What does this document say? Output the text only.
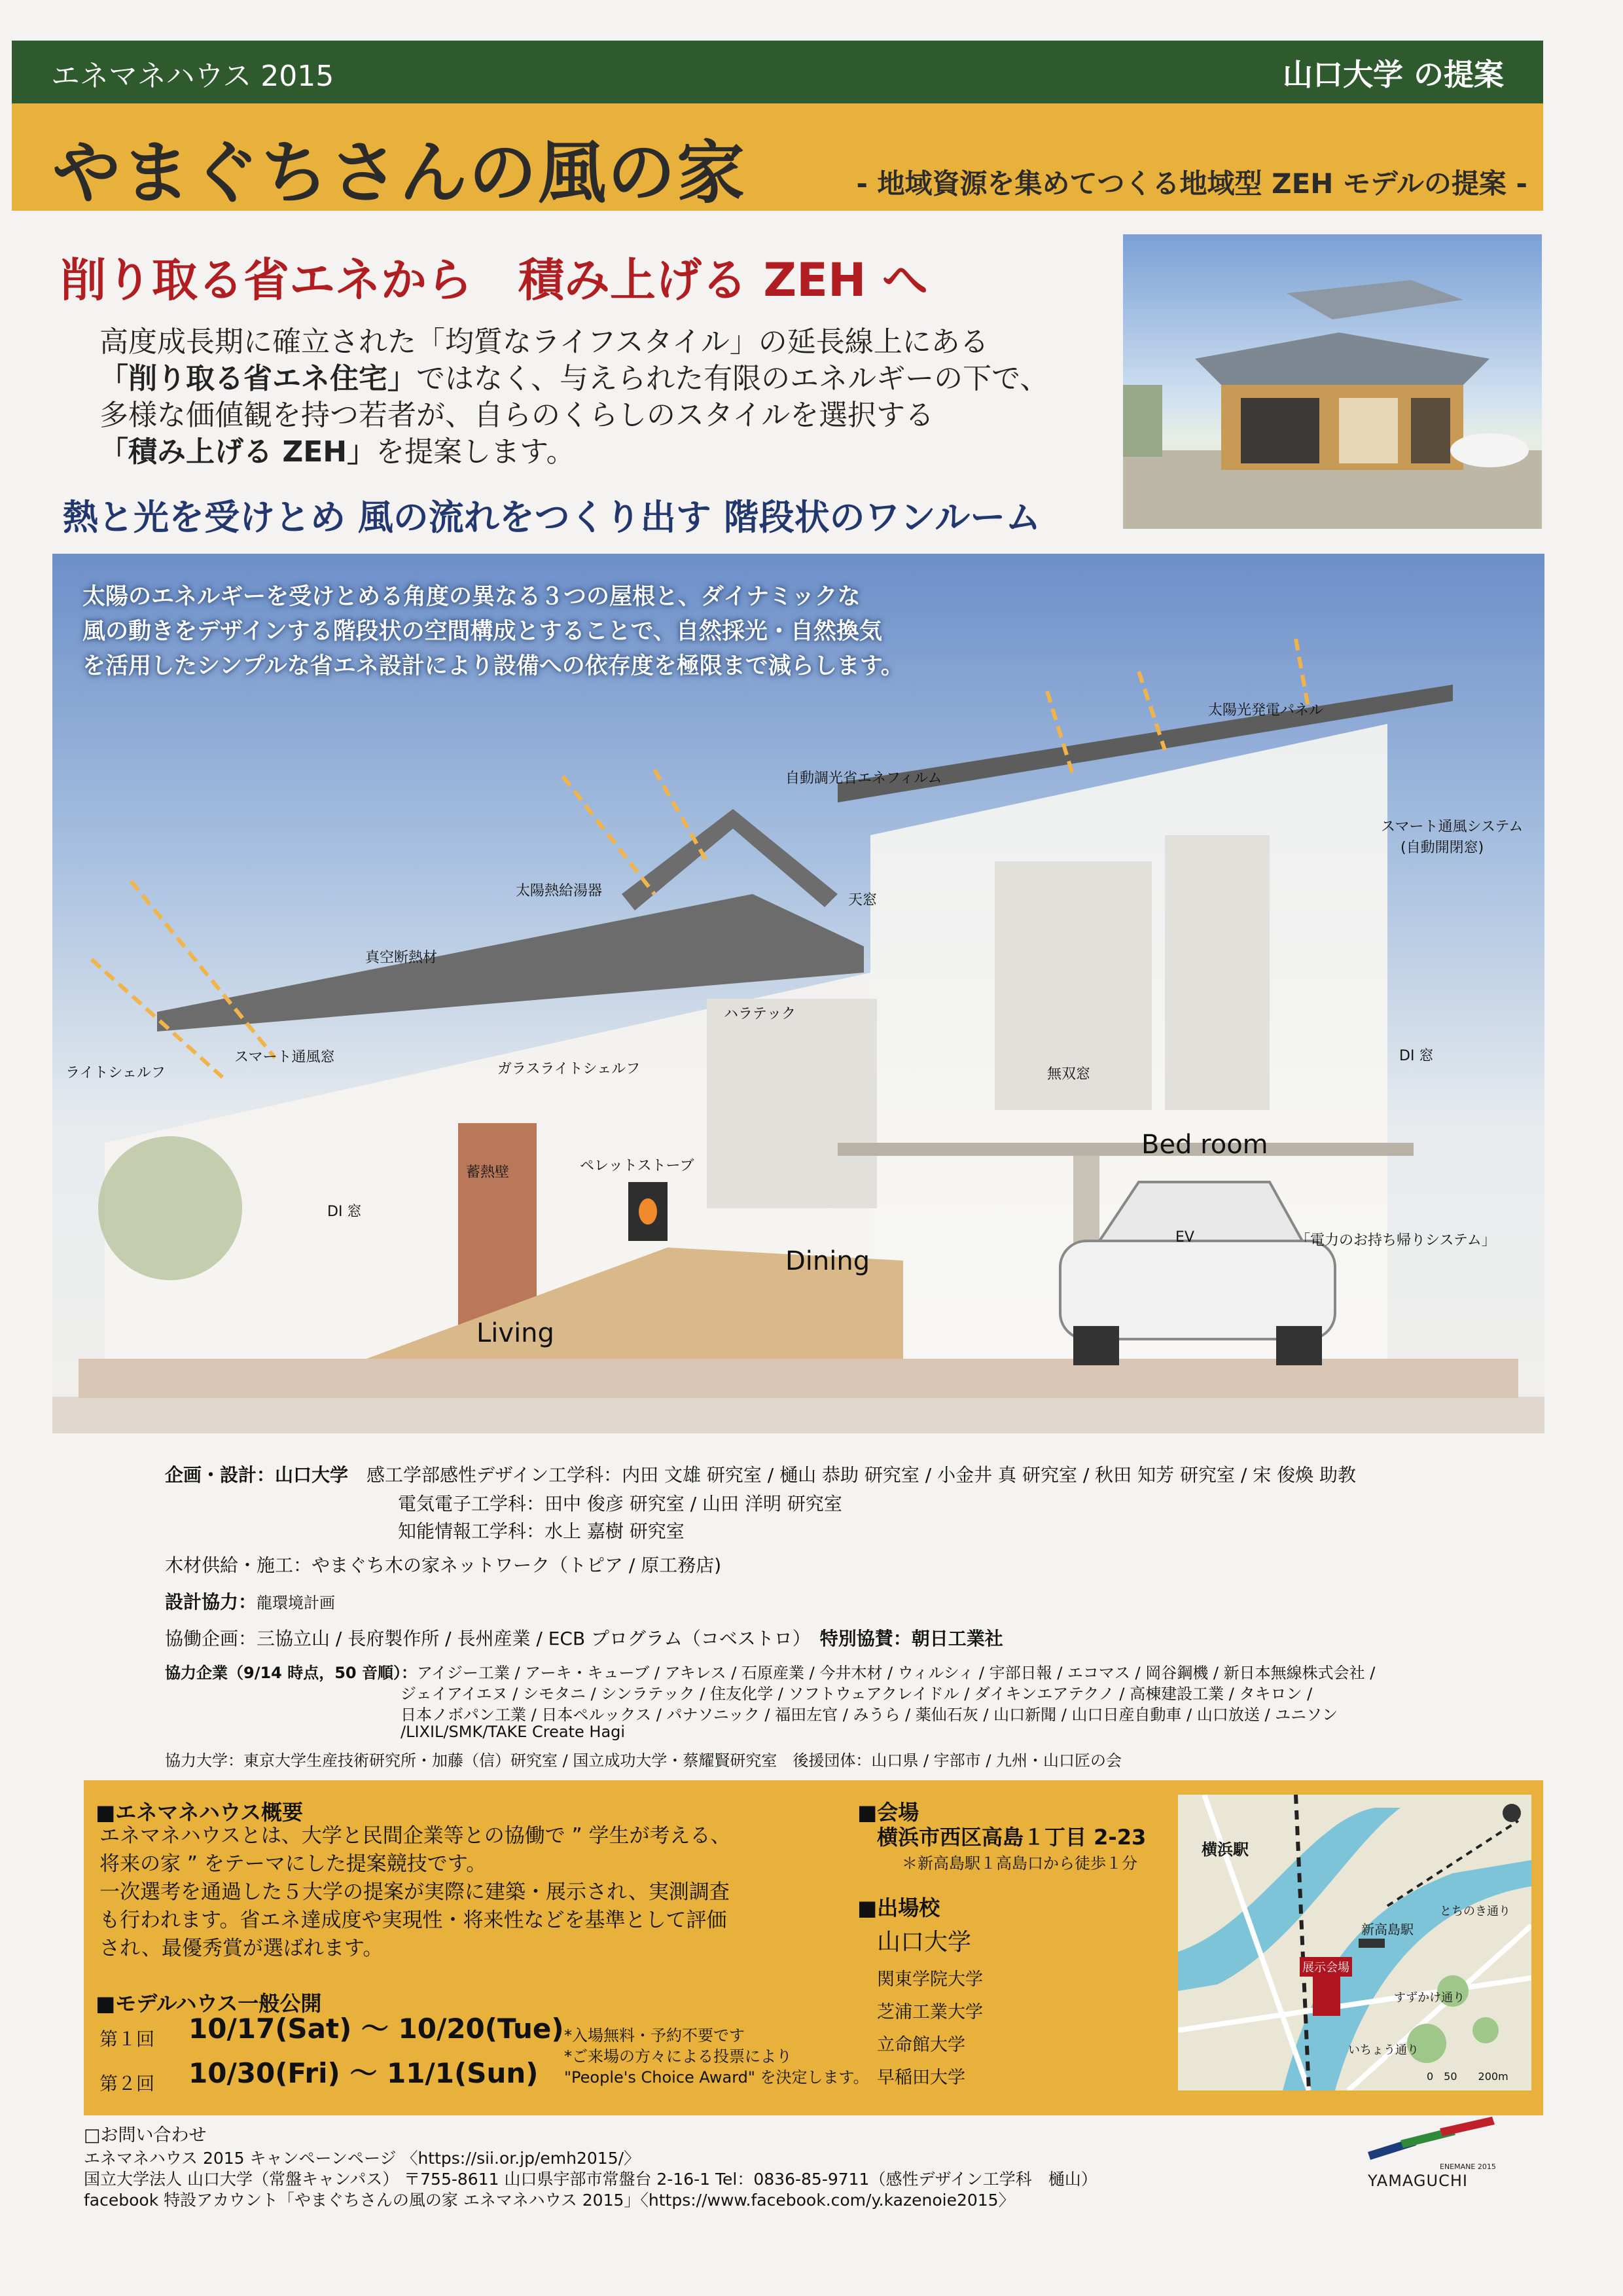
エネマネハウス 2015	山口大学 の提案
やまぐちさんの風の家	- 地域資源を集めてつくる地域型 ZEH モデルの提案 -
削り取る省エネから　積み上げる ZEH へ
高度成長期に確立された「均質なライフスタイル」の延長線上にある
「削り取る省エネ住宅」ではなく、与えられた有限のエネルギーの下で、
多様な価値観を持つ若者が、自らのくらしのスタイルを選択する
「積み上げる ZEH」を提案します。
熱と光を受けとめ 風の流れをつくり出す 階段状のワンルーム
太陽のエネルギーを受けとめる角度の異なる３つの屋根と、ダイナミックな
風の動きをデザインする階段状の空間構成とすることで、自然採光・自然換気
を活用したシンプルな省エネ設計により設備への依存度を極限まで減らします。
太陽光発電パネル
自動調光省エネフィルム
スマート通風システム
(自動開閉窓)
太陽熱給湯器
天窓
真空断熱材
ハラテック
ライトシェルフ
スマート通風窓
ガラスライトシェルフ	無双窓
DI 窓
Bed room
蓄熱壁	ペレットストーブ
DI 窓
EV	「電力のお持ち帰りシステム」
Dining
Living
企画・設計：山口大学　 感工学部感性デザイン工学科：内田 文雄 研究室 / 樋山 恭助 研究室 / 小金井 真 研究室 / 秋田 知芳 研究室 / 宋 俊煥 助教
電気電子工学科：田中 俊彦 研究室 / 山田 洋明 研究室
知能情報工学科：水上 嘉樹 研究室
木材供給・施工：やまぐち木の家ネットワーク（トピア / 原工務店)
設計協力：龍環境計画
協働企画：三協立山 / 長府製作所 / 長州産業 / ECB プログラム（コベストロ）　 特別協賛：朝日工業社
協力企業（9/14 時点，50 音順）：アイジー工業 / アーキ・キューブ / アキレス / 石原産業 / 今井木材 / ウィルシィ / 宇部日報 / エコマス / 岡谷鋼機 / 新日本無線株式会社 /
ジェイアイエヌ / シモタニ / シンラテック / 住友化学 / ソフトウェアクレイドル / ダイキンエアテクノ / 高棟建設工業 / タキロン /
日本ノボパン工業 / 日本ペルックス / パナソニック / 福田左官 / みうら / 薬仙石灰 / 山口新聞 / 山口日産自動車 / 山口放送 / ユニソン
/LIXIL/SMK/TAKE Create Hagi
協力大学：東京大学生産技術研究所・加藤（信）研究室 / 国立成功大学・蔡耀賢研究室　後援団体：山口県 / 宇部市 / 九州・山口匠の会
■エネマネハウス概要
エネマネハウスとは、大学と民間企業等との協働で ” 学生が考える、
将来の家 ” をテーマにした提案競技です。
一次選考を通過した５大学の提案が実際に建築・展示され、実測調査
も行われます。省エネ達成度や実現性・将来性などを基準として評価
され、最優秀賞が選ばれます。
■モデルハウス一般公開
第１回 10/17(Sat) 〜 10/20(Tue)
第２回 10/30(Fri) 〜 11/1(Sun)
*入場無料・予約不要です
*ご来場の方々による投票により
"People's Choice Award" を決定します。
■会場
横浜市西区高島１丁目 2-23
＊新高島駅１高島口から徒歩１分
■出場校
山口大学
関東学院大学
芝浦工業大学
立命館大学
早稲田大学
横浜駅
展示会場
新高島駅
とちのき通り
すずかけ通り
いちょう通り
0　50　　200m
□お問い合わせ
エネマネハウス 2015 キャンペーンページ 〈https://sii.or.jp/emh2015/〉
国立大学法人 山口大学（常盤キャンパス） 〒755-8611 山口県宇部市常盤台 2-16-1 Tel：0836-85-9711（感性デザイン工学科　樋山）
facebook 特設アカウント「やまぐちさんの風の家 エネマネハウス 2015」〈https://www.facebook.com/y.kazenoie2015〉
ENEMANE 2015
YAMAGUCHI
